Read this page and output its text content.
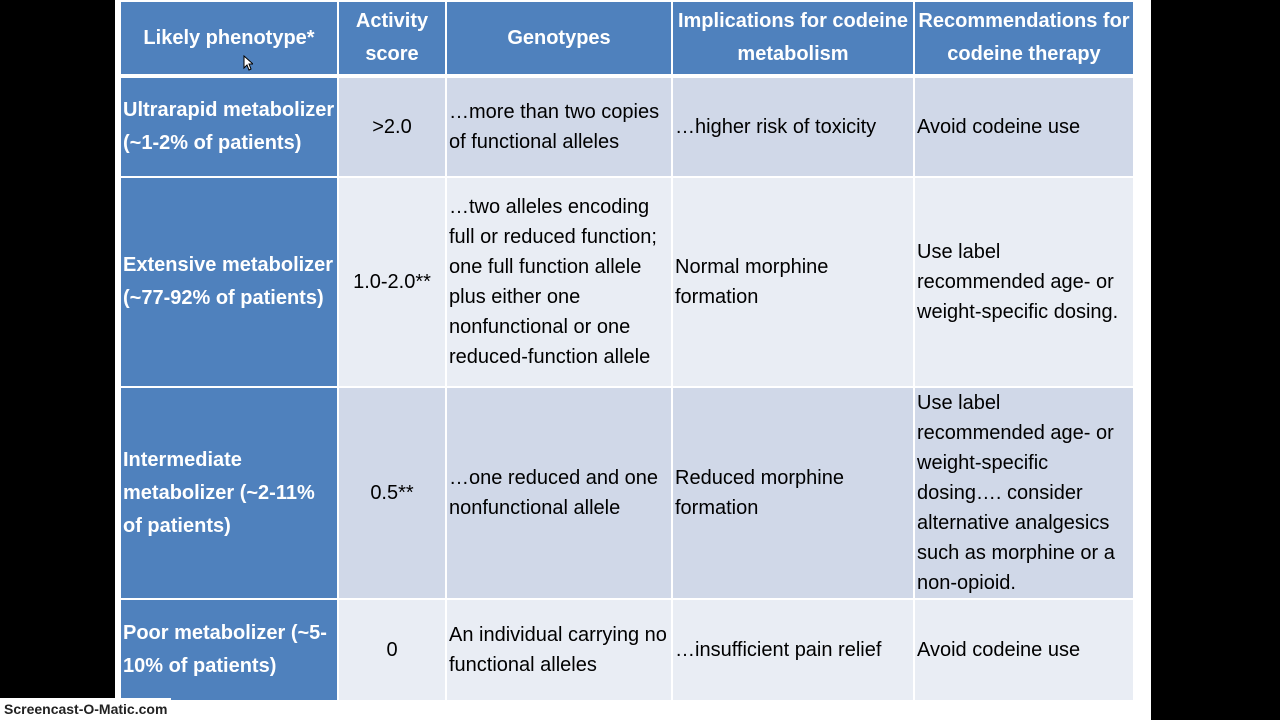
Likely phenotype*	Activity score	Genotypes	Implications for codeine metabolism	Recommendations for codeine therapy
Ultrarapid metabolizer (~1-2% of patients)	>2.0	…more than two copies of functional alleles	…higher risk of toxicity	Avoid codeine use
Extensive metabolizer (~77-92% of patients)	1.0-2.0**	…two alleles encoding full or reduced function; one full function allele plus either one nonfunctional or one reduced-function allele	Normal morphine formation	Use label recommended age- or weight-specific dosing.
Intermediate metabolizer (~2-11% of patients)	0.5**	…one reduced and one nonfunctional allele	Reduced morphine formation	Use label recommended age- or weight-specific dosing…. consider alternative analgesics such as morphine or a non-opioid.
Poor metabolizer (~5-10% of patients)	0	An individual carrying no functional alleles	…insufficient pain relief	Avoid codeine use
Screencast-O-Matic.com
